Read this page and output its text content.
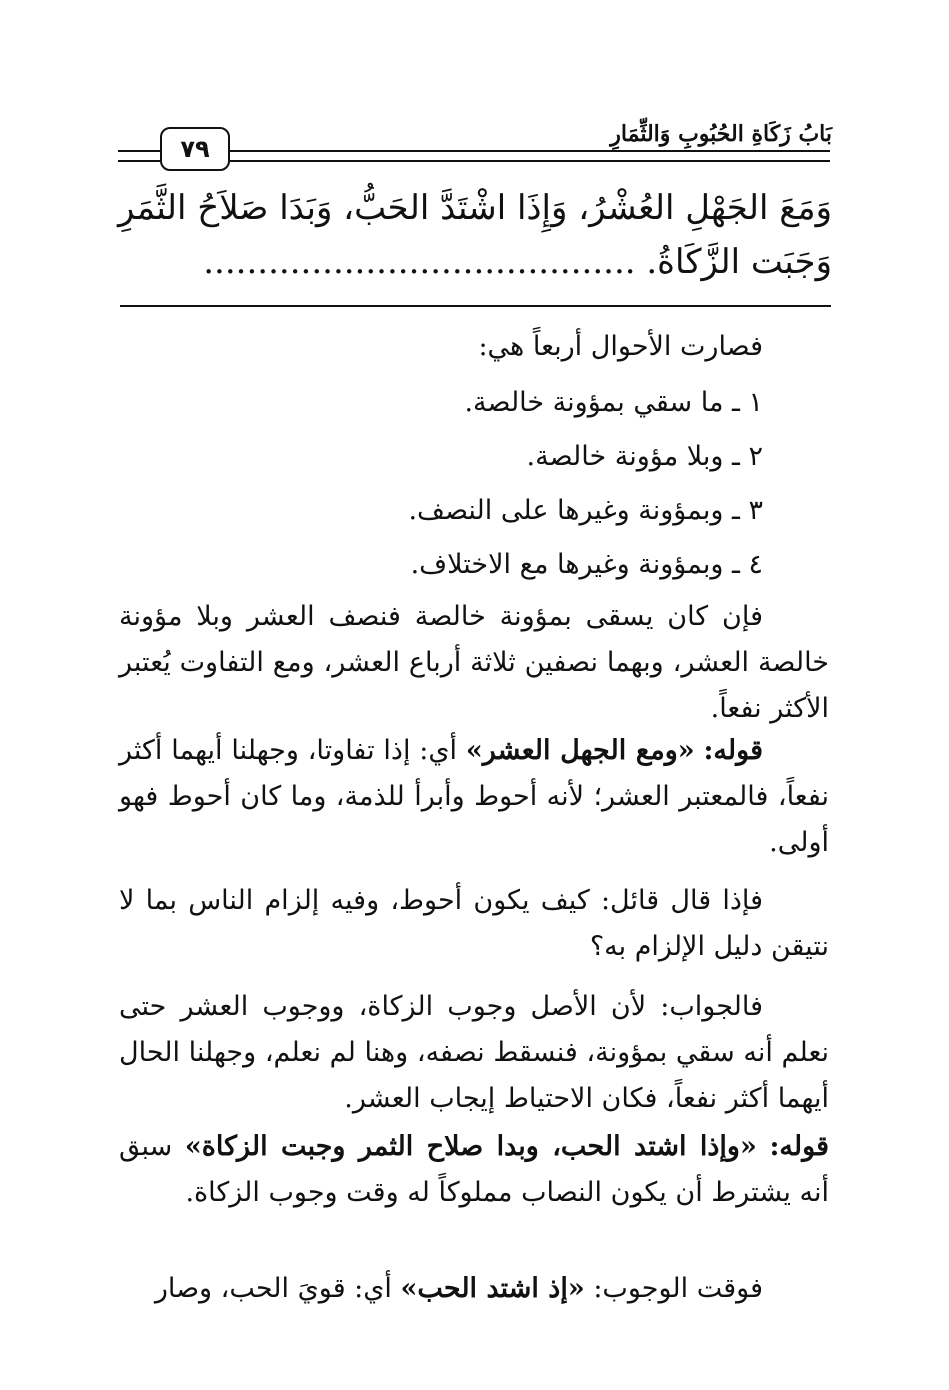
بَابُ زَكَاةِ الحُبُوبِ وَالثِّمَارِ
٧٩
وَمَعَ الجَهْلِ العُشْرُ، وَإِذَا اشْتَدَّ الحَبُّ، وَبَدَا صَلاَحُ الثَّمَرِ
وَجَبَت الزَّكَاةُ. ........................................
فصارت الأحوال أربعاً هي:
١ ـ ما سقي بمؤونة خالصة.
٢ ـ وبلا مؤونة خالصة.
٣ ـ وبمؤونة وغيرها على النصف.
٤ ـ وبمؤونة وغيرها مع الاختلاف.

فإن كان يسقى بمؤونة خالصة فنصف العشر وبلا مؤونة خالصة العشر، وبهما نصفين ثلاثة أرباع العشر، ومع التفاوت يُعتبر الأكثر نفعاً.

قوله: «ومع الجهل العشر» أي: إذا تفاوتا، وجهلنا أيهما أكثر نفعاً، فالمعتبر العشر؛ لأنه أحوط وأبرأ للذمة، وما كان أحوط فهو أولى.

فإذا قال قائل: كيف يكون أحوط، وفيه إلزام الناس بما لا نتيقن دليل الإلزام به؟

فالجواب: لأن الأصل وجوب الزكاة، ووجوب العشر حتى نعلم أنه سقي بمؤونة، فنسقط نصفه، وهنا لم نعلم، وجهلنا الحال أيهما أكثر نفعاً، فكان الاحتياط إيجاب العشر.

قوله: «وإذا اشتد الحب، وبدا صلاح الثمر وجبت الزكاة» سبق أنه يشترط أن يكون النصاب مملوكاً له وقت وجوب الزكاة.

فوقت الوجوب: «إذ اشتد الحب» أي: قويَ الحب، وصار
